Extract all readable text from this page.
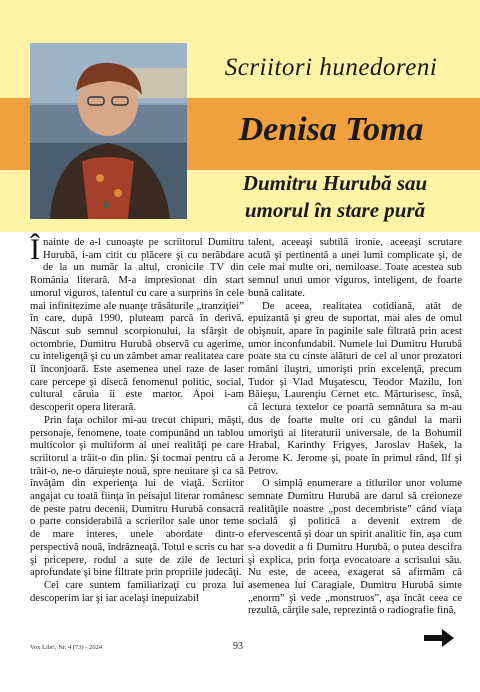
Scriitori hunedoreni
Denisa Toma
Dumitru Hurubă sau
umorul în stare pură

Înainte de a-l cunoaşte pe scriitorul Dumitru Hurubă, i-am citit cu plăcere şi cu nerăbdare de la un număr la altul, cronicile TV din România literară. M-a impresionat din start umorul viguros, talentul cu care a surprins în cele mai infinitezime ale nuanţe trăsăturile „tranziţiei” în care, după 1990, pluteam parcă în derivă. Născut sub semnul scorpionului, la sfârşit de octombrie, Dumitru Hurubă observă cu agerime, cu inteligenţă şi cu un zâmbet amar realitatea care îl înconjoară. Este asemenea unei raze de laser care percepe şi disecă fenomenul politic, social, cultural căruia îi este martor. Apoi i-am descoperit opera literară.

Prin faţa ochilor mi-au trecut chipuri, măşti, personaje, fenomene, toate compunând un tablou multicolor şi multiform al unei realităţi pe care scriitorul a trăit-o din plin. Şi tocmai pentru că a trăit-o, ne-o dăruieşte nouă, spre neuitare şi ca să învăţăm din experienţa lui de viaţă. Scriitor angajat cu toată fiinţa în peisajul literar românesc de peste patru decenii, Dumitru Hurubă consacră o parte considerabilă a scrierilor sale unor teme de mare interes, unele abordate dintr-o perspectivă nouă, îndrăzneaţă. Totul e scris cu har şi pricepere, rodul a sute de zile de lecturi aprofundate şi bine filtrate prin propriile judecăţi.

Cei care suntem familiarizaţi cu proza lui descoperim iar şi iar acelaşi inepuizabil

talent, aceeaşi subtilă ironie, aceeaşi scrutare acută şi pertinentă a unei lumi complicate şi, de cele mai multe ori, nemiloase. Toate acestea sub semnul unui umor viguros, inteligent, de foarte bună calitate.

De aceea, realitatea cotidiană, atât de epuizantă şi greu de suportat, mai ales de omul obişnuit, apare în paginile sale filtrată prin acest umor inconfundabil. Numele lui Dumitru Hurubă poate sta cu cinste alături de cel al unor prozatori români iluştri, umorişti prin excelenţă, precum Tudor şi Vlad Muşatescu, Teodor Mazilu, Ion Băieşu, Laurenţiu Cernet etc. Mărturisesc, însă, că lectura textelor ce poartă semnătura sa m-au dus de foarte multe ori cu gândul la marii umorişti ai literaturii universale, de la Bohumil Hrabal, Karinthy Frigyes, Jaroslav Hašek, la Jerome K. Jerome şi, poate în primul rând, Ilf şi Petrov.

O simplă enumerare a titlurilor unor volume semnate Dumitru Hurubă are darul să creioneze realităţile noastre „post decembriste” când viaţa socială şi politică a devenit extrem de efervescentă şi doar un spirit analitic fin, aşa cum s-a dovedit a fi Dumitru Hurubă, o putea descifra şi explica, prin forţa evocatoare a scrisului său. Nu este, de aceea, exagerat să afirmăm că asemenea lui Caragiale, Dumitru Hurubă simte „enorm” şi vede „monstruos”, aşa încât ceea ce rezultă, cărţile sale, reprezintă o radiografie fină,

Vox Libri, Nr. 4 (73) - 2024	93
